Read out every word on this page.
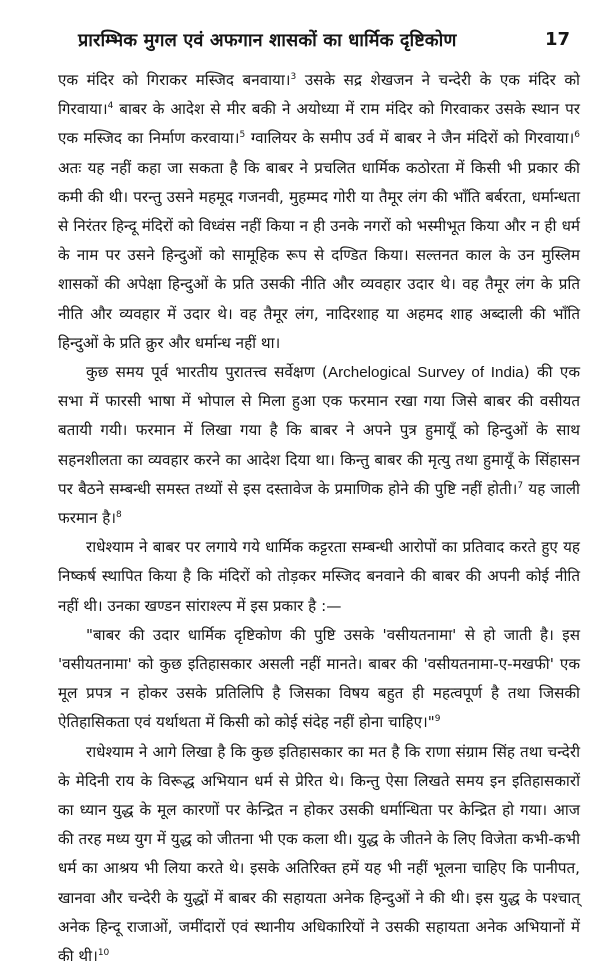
प्रारम्भिक मुगल एवं अफगान शासकों का धार्मिक दृष्टिकोण	17

एक मंदिर को गिराकर मस्जिद बनवाया।$^3$ उसके सद्र शेखजन ने चन्देरी के एक मंदिर को गिरवाया।$^4$ बाबर के आदेश से मीर बकी ने अयोध्या में राम मंदिर को गिरवाकर उसके स्थान पर एक मस्जिद का निर्माण करवाया।$^5$ ग्वालियर के समीप उर्व में बाबर ने जैन मंदिरों को गिरवाया।$^6$ अतः यह नहीं कहा जा सकता है कि बाबर ने प्रचलित धार्मिक कठोरता में किसी भी प्रकार की कमी की थी। परन्तु उसने महमूद गजनवी, मुहम्मद गोरी या तैमूर लंग की भाँति बर्बरता, धर्मान्धता से निरंतर हिन्दू मंदिरों को विध्वंस नहीं किया न ही उनके नगरों को भस्मीभूत किया और न ही धर्म के नाम पर उसने हिन्दुओं को सामूहिक रूप से दण्डित किया। सल्तनत काल के उन मुस्लिम शासकों की अपेक्षा हिन्दुओं के प्रति उसकी नीति और व्यवहार उदार थे। वह तैमूर लंग के प्रति नीति और व्यवहार में उदार थे। वह तैमूर लंग, नादिरशाह या अहमद शाह अब्दाली की भाँति हिन्दुओं के प्रति क्रुर और धर्मान्ध नहीं था।

कुछ समय पूर्व भारतीय पुरातत्त्व सर्वेक्षण (Archelogical Survey of India) की एक सभा में फारसी भाषा में भोपाल से मिला हुआ एक फरमान रखा गया जिसे बाबर की वसीयत बतायी गयी। फरमान में लिखा गया है कि बाबर ने अपने पुत्र हुमायूँ को हिन्दुओं के साथ सहनशीलता का व्यवहार करने का आदेश दिया था। किन्तु बाबर की मृत्यु तथा हुमायूँ के सिंहासन पर बैठने सम्बन्धी समस्त तथ्यों से इस दस्तावेज के प्रमाणिक होने की पुष्टि नहीं होती।$^7$ यह जाली फरमान है।$^8$

राधेश्याम ने बाबर पर लगाये गये धार्मिक कट्टरता सम्बन्धी आरोपों का प्रतिवाद करते हुए यह निष्कर्ष स्थापित किया है कि मंदिरों को तोड़कर मस्जिद बनवाने की बाबर की अपनी कोई नीति नहीं थी। उनका खण्डन सांराश्ल्प में इस प्रकार है :—

"बाबर की उदार धार्मिक दृष्टिकोण की पुष्टि उसके 'वसीयतनामा' से हो जाती है। इस 'वसीयतनामा' को कुछ इतिहासकार असली नहीं मानते। बाबर की 'वसीयतनामा-ए-मखफी' एक मूल प्रपत्र न होकर उसके प्रतिलिपि है जिसका विषय बहुत ही महत्वपूर्ण है तथा जिसकी ऐतिहासिकता एवं यर्थाथता में किसी को कोई संदेह नहीं होना चाहिए।"$^9$

राधेश्याम ने आगे लिखा है कि कुछ इतिहासकार का मत है कि राणा संग्राम सिंह तथा चन्देरी के मेदिनी राय के विरूद्ध अभियान धर्म से प्रेरित थे। किन्तु ऐसा लिखते समय इन इतिहासकारों का ध्यान युद्ध के मूल कारणों पर केन्द्रित न होकर उसकी धर्मान्धिता पर केन्द्रित हो गया। आज की तरह मध्य युग में युद्ध को जीतना भी एक कला थी। युद्ध के जीतने के लिए विजेता कभी-कभी धर्म का आश्रय भी लिया करते थे। इसके अतिरिक्त हमें यह भी नहीं भूलना चाहिए कि पानीपत, खानवा और चन्देरी के युद्धों में बाबर की सहायता अनेक हिन्दुओं ने की थी। इस युद्ध के पश्चात् अनेक हिन्दू राजाओं, जमींदारों एवं स्थानीय अधिकारियों ने उसकी सहायता अनेक अभियानों में की थी।$^{10}$
